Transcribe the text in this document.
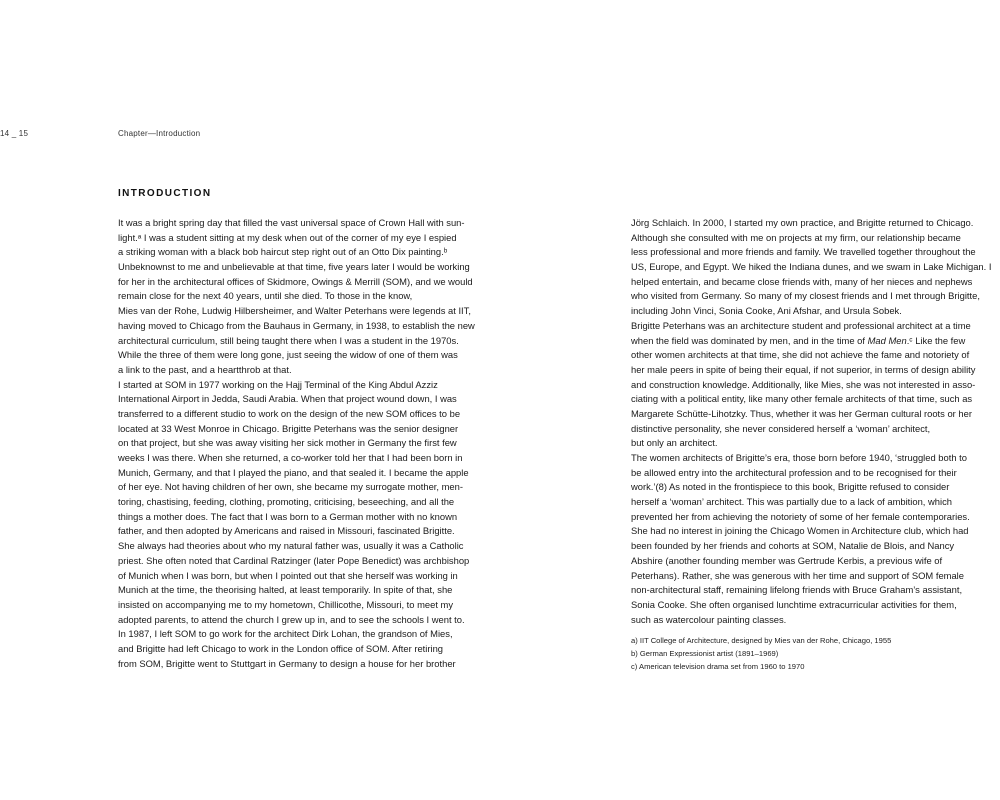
14 _ 15	Chapter—Introduction
INTRODUCTION
It was a bright spring day that filled the vast universal space of Crown Hall with sun-
light.ᵃ I was a student sitting at my desk when out of the corner of my eye I espied
a striking woman with a black bob haircut step right out of an Otto Dix painting.ᵇ
Unbeknownst to me and unbelievable at that time, five years later I would be working
for her in the architectural offices of Skidmore, Owings & Merrill (SOM), and we would
remain close for the next 40 years, until she died. To those in the know,
Mies van der Rohe, Ludwig Hilbersheimer, and Walter Peterhans were legends at IIT,
having moved to Chicago from the Bauhaus in Germany, in 1938, to establish the new
architectural curriculum, still being taught there when I was a student in the 1970s.
While the three of them were long gone, just seeing the widow of one of them was
a link to the past, and a heartthrob at that.
I started at SOM in 1977 working on the Hajj Terminal of the King Abdul Azziz
International Airport in Jedda, Saudi Arabia. When that project wound down, I was
transferred to a different studio to work on the design of the new SOM offices to be
located at 33 West Monroe in Chicago. Brigitte Peterhans was the senior designer
on that project, but she was away visiting her sick mother in Germany the first few
weeks I was there. When she returned, a co-worker told her that I had been born in
Munich, Germany, and that I played the piano, and that sealed it. I became the apple
of her eye. Not having children of her own, she became my surrogate mother, men-
toring, chastising, feeding, clothing, promoting, criticising, beseeching, and all the
things a mother does. The fact that I was born to a German mother with no known
father, and then adopted by Americans and raised in Missouri, fascinated Brigitte.
She always had theories about who my natural father was, usually it was a Catholic
priest. She often noted that Cardinal Ratzinger (later Pope Benedict) was archbishop
of Munich when I was born, but when I pointed out that she herself was working in
Munich at the time, the theorising halted, at least temporarily. In spite of that, she
insisted on accompanying me to my hometown, Chillicothe, Missouri, to meet my
adopted parents, to attend the church I grew up in, and to see the schools I went to.
In 1987, I left SOM to go work for the architect Dirk Lohan, the grandson of Mies,
and Brigitte had left Chicago to work in the London office of SOM. After retiring
from SOM, Brigitte went to Stuttgart in Germany to design a house for her brother
Jörg Schlaich. In 2000, I started my own practice, and Brigitte returned to Chicago.
Although she consulted with me on projects at my firm, our relationship became
less professional and more friends and family. We travelled together throughout the
US, Europe, and Egypt. We hiked the Indiana dunes, and we swam in Lake Michigan. I
helped entertain, and became close friends with, many of her nieces and nephews
who visited from Germany. So many of my closest friends and I met through Brigitte,
including John Vinci, Sonia Cooke, Ani Afshar, and Ursula Sobek.
Brigitte Peterhans was an architecture student and professional architect at a time
when the field was dominated by men, and in the time of Mad Men.ᶜ Like the few
other women architects at that time, she did not achieve the fame and notoriety of
her male peers in spite of being their equal, if not superior, in terms of design ability
and construction knowledge. Additionally, like Mies, she was not interested in asso-
ciating with a political entity, like many other female architects of that time, such as
Margarete Schütte-Lihotzky. Thus, whether it was her German cultural roots or her
distinctive personality, she never considered herself a ‘woman’ architect,
but only an architect.
The women architects of Brigitte’s era, those born before 1940, ‘struggled both to
be allowed entry into the architectural profession and to be recognised for their
work.’(8) As noted in the frontispiece to this book, Brigitte refused to consider
herself a ‘woman’ architect. This was partially due to a lack of ambition, which
prevented her from achieving the notoriety of some of her female contemporaries.
She had no interest in joining the Chicago Women in Architecture club, which had
been founded by her friends and cohorts at SOM, Natalie de Blois, and Nancy
Abshire (another founding member was Gertrude Kerbis, a previous wife of
Peterhans). Rather, she was generous with her time and support of SOM female
non-architectural staff, remaining lifelong friends with Bruce Graham’s assistant,
Sonia Cooke. She often organised lunchtime extracurricular activities for them,
such as watercolour painting classes.
a) IIT College of Architecture, designed by Mies van der Rohe, Chicago, 1955
b) German Expressionist artist (1891–1969)
c) American television drama set from 1960 to 1970
